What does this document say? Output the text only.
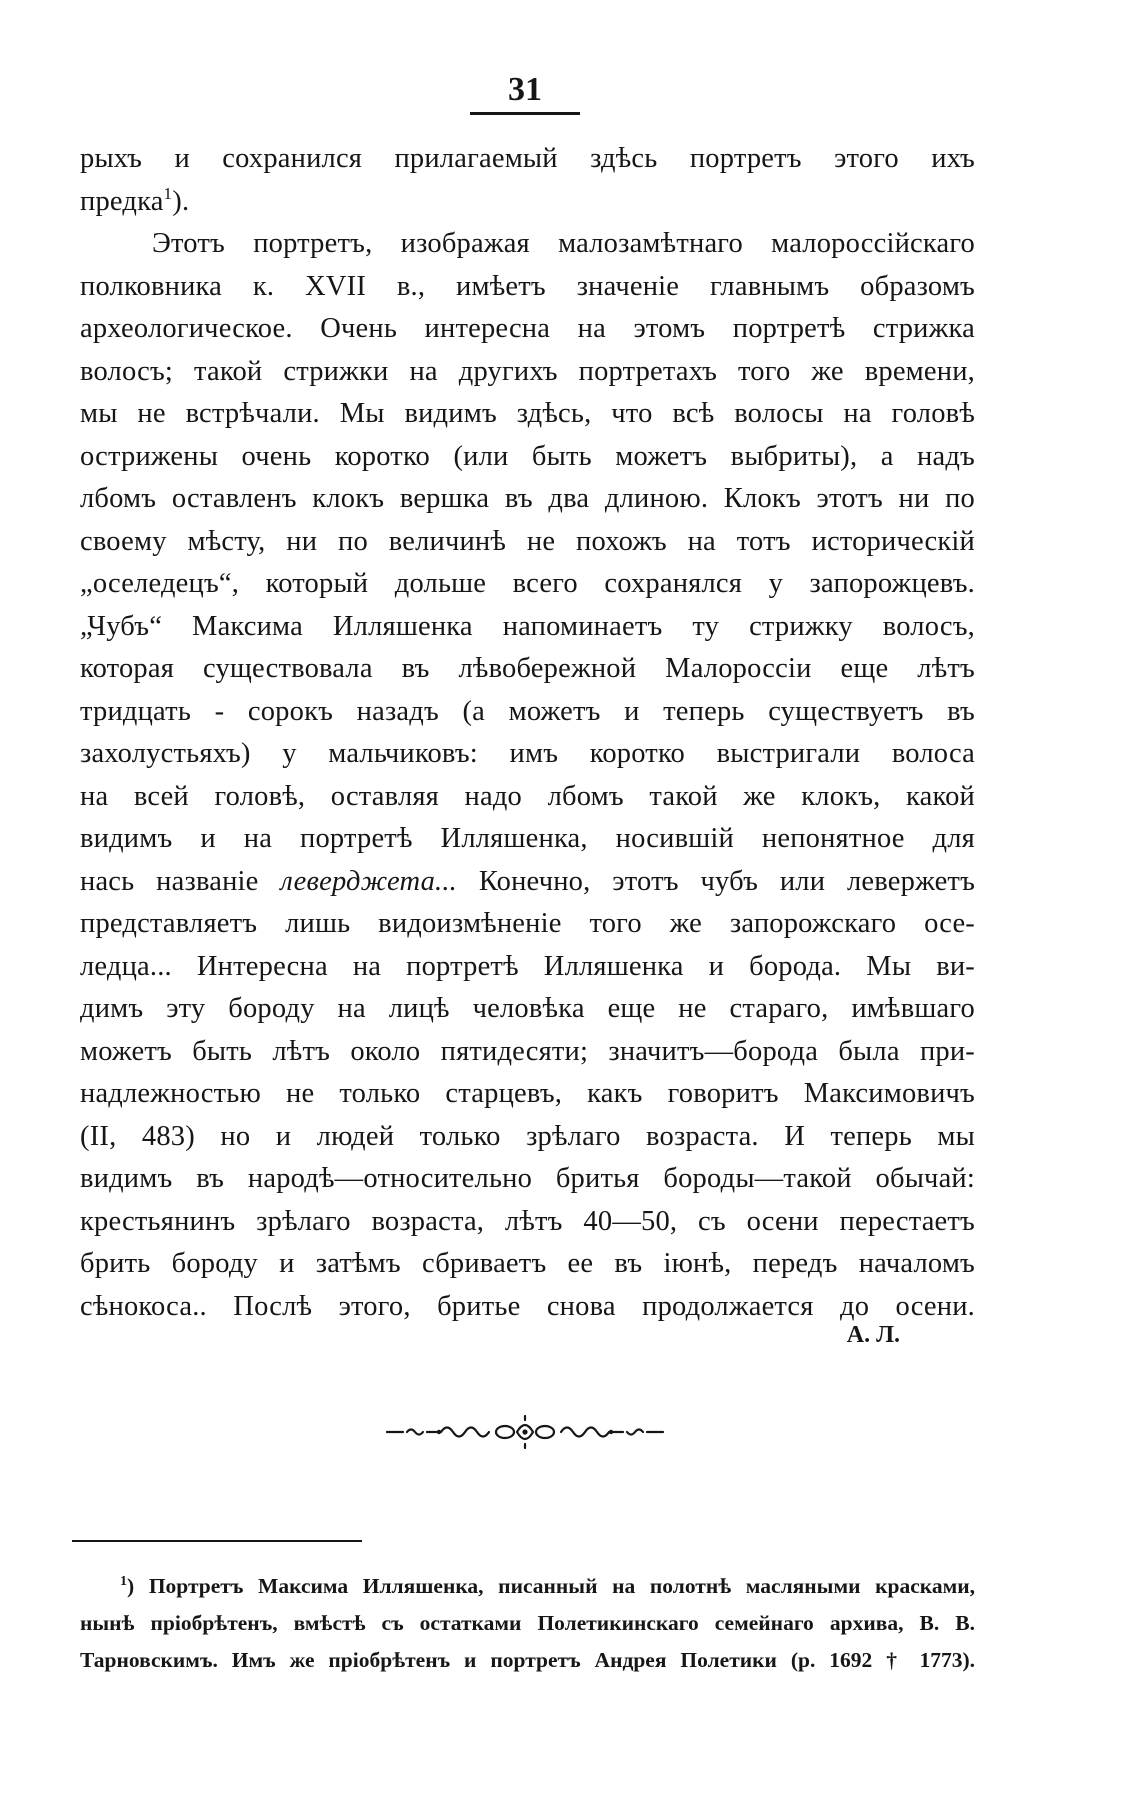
31
рыхъ и сохранился прилагаемый здѣсь портретъ этого ихъ
предка$^1$).
Этотъ портретъ, изображая малозамѣтнаго малороссійскаго
полковника к. XVII в., имѣетъ значеніе главнымъ образомъ
археологическое. Очень интересна на этомъ портретѣ стрижка
волосъ; такой стрижки на другихъ портретахъ того же времени,
мы не встрѣчали. Мы видимъ здѣсь, что всѣ волосы на головѣ
острижены очень коротко (или быть можетъ выбриты), а надъ
лбомъ оставленъ клокъ вершка въ два длиною. Клокъ этотъ ни по
своему мѣсту, ни по величинѣ не похожъ на тотъ историческій
„оселедецъ“, который дольше всего сохранялся у запорожцевъ.
„Чубъ“ Максима Илляшенка напоминаетъ ту стрижку волосъ,
которая существовала въ лѣвобережной Малороссіи еще лѣтъ
тридцать - сорокъ назадъ (а можетъ и теперь существуетъ въ
захолустьяхъ) у мальчиковъ: имъ коротко выстригали волоса
на всей головѣ, оставляя надо лбомъ такой же клокъ, какой
видимъ и на портретѣ Илляшенка, носившій непонятное для
нась названіе леверджета... Конечно, этотъ чубъ или левержетъ
представляетъ лишь видоизмѣненіе того же запорожскаго осе-
ледца... Интересна на портретѣ Илляшенка и борода. Мы ви-
димъ эту бороду на лицѣ человѣка еще не стараго, имѣвшаго
можетъ быть лѣтъ около пятидесяти; значитъ—борода была при-
надлежностью не только старцевъ, какъ говоритъ Максимовичъ
(II, 483) но и людей только зрѣлаго возраста. И теперь мы
видимъ въ народѣ—относительно бритья бороды—такой обычай:
крестьянинъ зрѣлаго возраста, лѣтъ 40—50, съ осени перестаетъ
брить бороду и затѣмъ сбриваетъ ее въ іюнѣ, передъ началомъ
сѣнокоса.. Послѣ этого, бритье снова продолжается до осени.
А. Л.
$^1$) Портретъ Максима Илляшенка, писанный на полотнѣ масляными красками,
нынѣ пріобрѣтенъ, вмѣстѣ съ остатками Полетикинскаго семейнаго архива, В. В.
Тарновскимъ. Имъ же пріобрѣтенъ и портретъ Андрея Полетики (р. 1692 † 1773).
